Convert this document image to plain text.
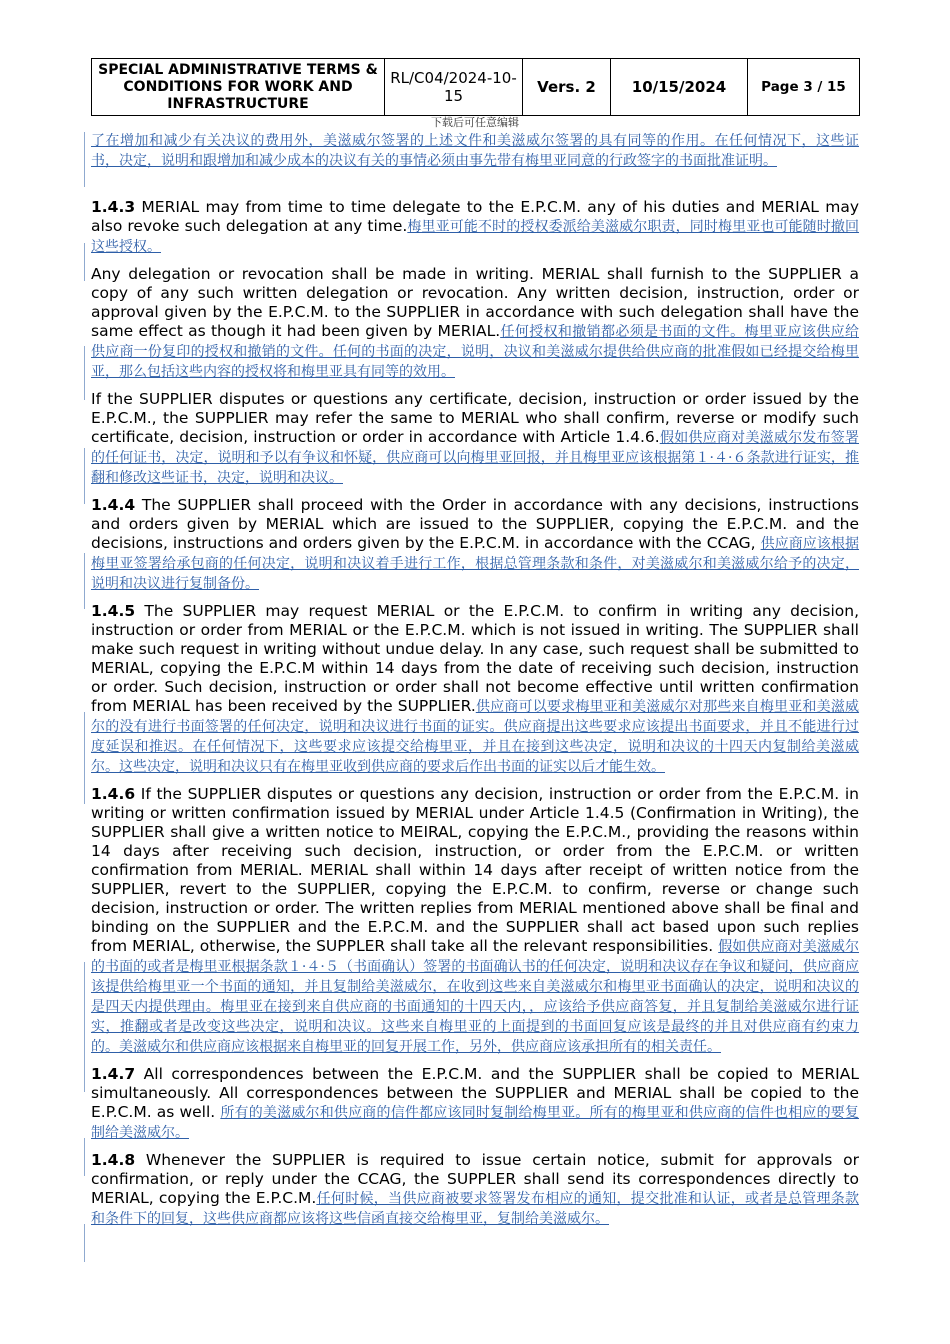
SPECIAL ADMINISTRATIVE TERMS & CONDITIONS FOR WORK AND INFRASTRUCTURE	RL/C04/2024-10-15	Vers. 2	10/15/2024	Page 3 / 15
下载后可任意编辑

了在增加和减少有关决议的费用外，美滋威尔签署的上述文件和美滋威尔签署的具有同等的作用。在任何情况下，这些证书，决定，说明和跟增加和减少成本的决议有关的事情必须由事先带有梅里亚同意的行政签字的书面批准证明。

1.4.3 MERIAL may from time to time delegate to the E.P.C.M. any of his duties and MERIAL may also revoke such delegation at any time.梅里亚可能不时的授权委派给美滋威尔职责，同时梅里亚也可能随时撤回这些授权。

Any delegation or revocation shall be made in writing. MERIAL shall furnish to the SUPPLIER a copy of any such written delegation or revocation. Any written decision, instruction, order or approval given by the E.P.C.M. to the SUPPLIER in accordance with such delegation shall have the same effect as though it had been given by MERIAL.任何授权和撤销都必须是书面的文件。梅里亚应该供应给供应商一份复印的授权和撤销的文件。任何的书面的决定，说明，决议和美滋威尔提供给供应商的批准假如已经提交给梅里亚，那么包括这些内容的授权将和梅里亚具有同等的效用。

If the SUPPLIER disputes or questions any certificate, decision, instruction or order issued by the E.P.C.M., the SUPPLIER may refer the same to MERIAL who shall confirm, reverse or modify such certificate, decision, instruction or order in accordance with Article 1.4.6.假如供应商对美滋威尔发布签署的任何证书，决定，说明和予以有争议和怀疑，供应商可以向梅里亚回报，并且梅里亚应该根据第１·４·６条款进行证实，推翻和修改这些证书，决定，说明和决议。

1.4.4 The SUPPLIER shall proceed with the Order in accordance with any decisions, instructions and orders given by MERIAL which are issued to the SUPPLIER, copying the E.P.C.M. and the decisions, instructions and orders given by the E.P.C.M. in accordance with the CCAG, 供应商应该根据梅里亚签署给承包商的任何决定，说明和决议着手进行工作，根据总管理条款和条件，对美滋威尔和美滋威尔给予的决定，说明和决议进行复制备份。

1.4.5 The SUPPLIER may request MERIAL or the E.P.C.M. to confirm in writing any decision, instruction or order from MERIAL or the E.P.C.M. which is not issued in writing. The SUPPLIER shall make such request in writing without undue delay. In any case, such request shall be submitted to MERIAL, copying the E.P.C.M within 14 days from the date of receiving such decision, instruction or order. Such decision, instruction or order shall not become effective until written confirmation from MERIAL has been received by the SUPPLIER.供应商可以要求梅里亚和美滋威尔对那些来自梅里亚和美滋威尔的没有进行书面签署的任何决定，说明和决议进行书面的证实。供应商提出这些要求应该提出书面要求，并且不能进行过度延误和推迟。在任何情况下，这些要求应该提交给梅里亚，并且在接到这些决定，说明和决议的十四天内复制给美滋威尔。这些决定，说明和决议只有在梅里亚收到供应商的要求后作出书面的证实以后才能生效。

1.4.6 If the SUPPLIER disputes or questions any decision, instruction or order from the E.P.C.M. in writing or written confirmation issued by MERIAL under Article 1.4.5 (Confirmation in Writing), the SUPPLIER shall give a written notice to MEIRAL, copying the E.P.C.M., providing the reasons within 14 days after receiving such decision, instruction, or order from the E.P.C.M. or written confirmation from MERIAL. MERIAL shall within 14 days after receipt of written notice from the SUPPLIER, revert to the SUPPLIER, copying the E.P.C.M. to confirm, reverse or change such decision, instruction or order. The written replies from MERIAL mentioned above shall be final and binding on the SUPPLIER and the E.P.C.M. and the SUPPLIER shall act based upon such replies from MERIAL, otherwise, the SUPPLER shall take all the relevant responsibilities. 假如供应商对美滋威尔的书面的或者是梅里亚根据条款１·４·５（书面确认）签署的书面确认书的任何决定，说明和决议存在争议和疑问，供应商应该提供给梅里亚一个书面的通知，并且复制给美滋威尔，在收到这些来自美滋威尔和梅里亚书面确认的决定，说明和决议的是四天内提供理由。梅里亚在接到来自供应商的书面通知的十四天内，，应该给予供应商答复，并且复制给美滋威尔进行证实，推翻或者是改变这些决定，说明和决议。这些来自梅里亚的上面提到的书面回复应该是最终的并且对供应商有约束力的。美滋威尔和供应商应该根据来自梅里亚的回复开展工作，另外，供应商应该承担所有的相关责任。

1.4.7 All correspondences between the E.P.C.M. and the SUPPLIER shall be copied to MERIAL simultaneously. All correspondences between the SUPPLIER and MERIAL shall be copied to the E.P.C.M. as well. 所有的美滋威尔和供应商的信件都应该同时复制给梅里亚。所有的梅里亚和供应商的信件也相应的要复制给美滋威尔。

1.4.8 Whenever the SUPPLIER is required to issue certain notice, submit for approvals or confirmation, or reply under the CCAG, the SUPPLER shall send its correspondences directly to MERIAL, copying the E.P.C.M.任何时候，当供应商被要求签署发布相应的通知，提交批准和认证，或者是总管理条款和条件下的回复，这些供应商都应该将这些信函直接交给梅里亚，复制给美滋威尔。
